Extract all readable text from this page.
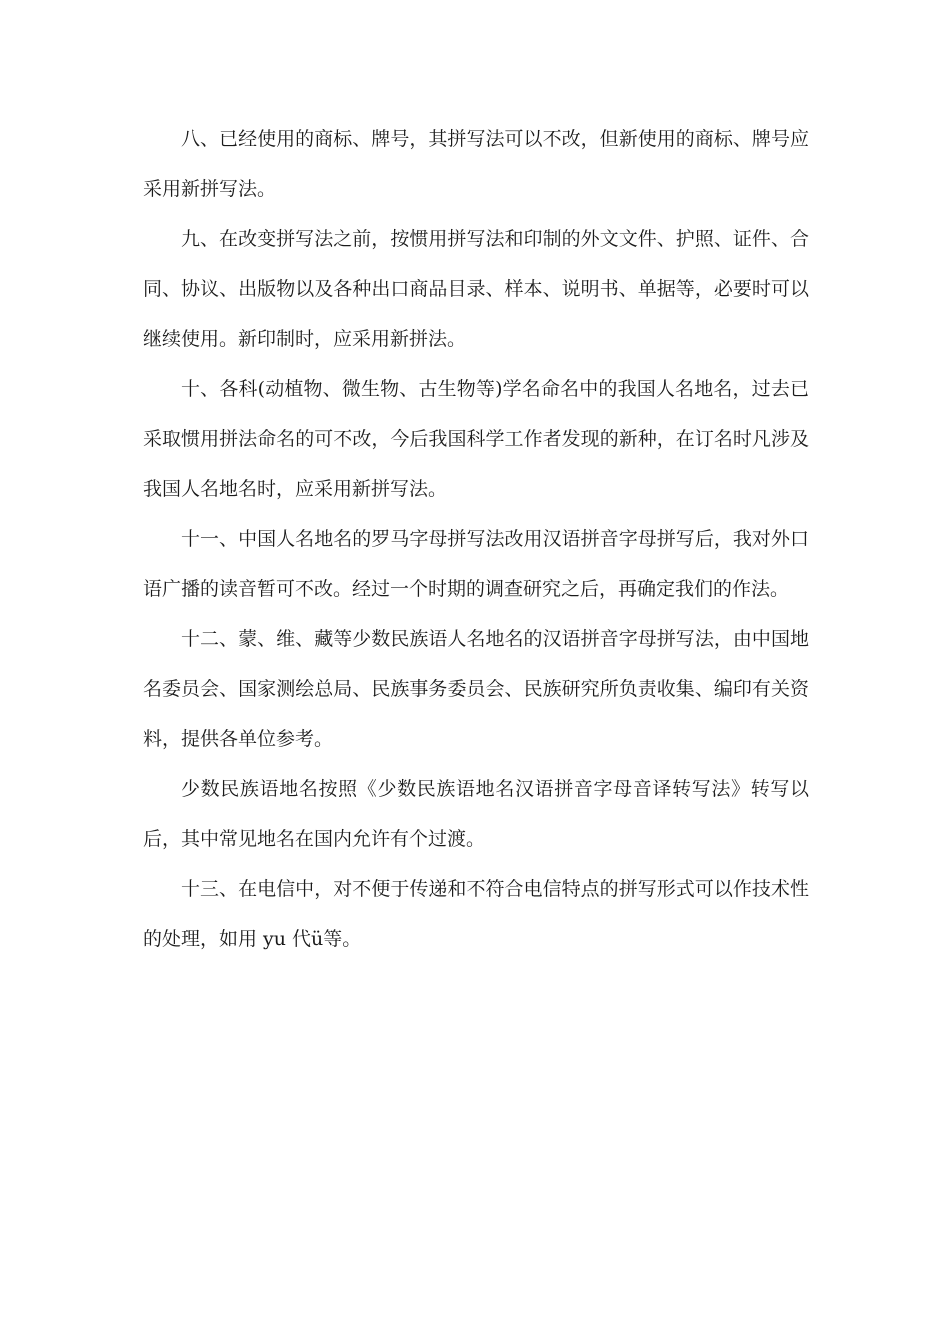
八、已经使用的商标、牌号，其拼写法可以不改，但新使用的商标、牌号应采用新拼写法。

九、在改变拼写法之前，按惯用拼写法和印制的外文文件、护照、证件、合同、协议、出版物以及各种出口商品目录、样本、说明书、单据等，必要时可以继续使用。新印制时，应采用新拼法。

十、各科(动植物、微生物、古生物等)学名命名中的我国人名地名，过去已采取惯用拼法命名的可不改，今后我国科学工作者发现的新种，在订名时凡涉及我国人名地名时，应采用新拼写法。

十一、中国人名地名的罗马字母拼写法改用汉语拼音字母拼写后，我对外口语广播的读音暂可不改。经过一个时期的调查研究之后，再确定我们的作法。

十二、蒙、维、藏等少数民族语人名地名的汉语拼音字母拼写法，由中国地名委员会、国家测绘总局、民族事务委员会、民族研究所负责收集、编印有关资料，提供各单位参考。

少数民族语地名按照《少数民族语地名汉语拼音字母音译转写法》转写以后，其中常见地名在国内允许有个过渡。

十三、在电信中，对不便于传递和不符合电信特点的拼写形式可以作技术性的处理，如用 yu 代ü等。
